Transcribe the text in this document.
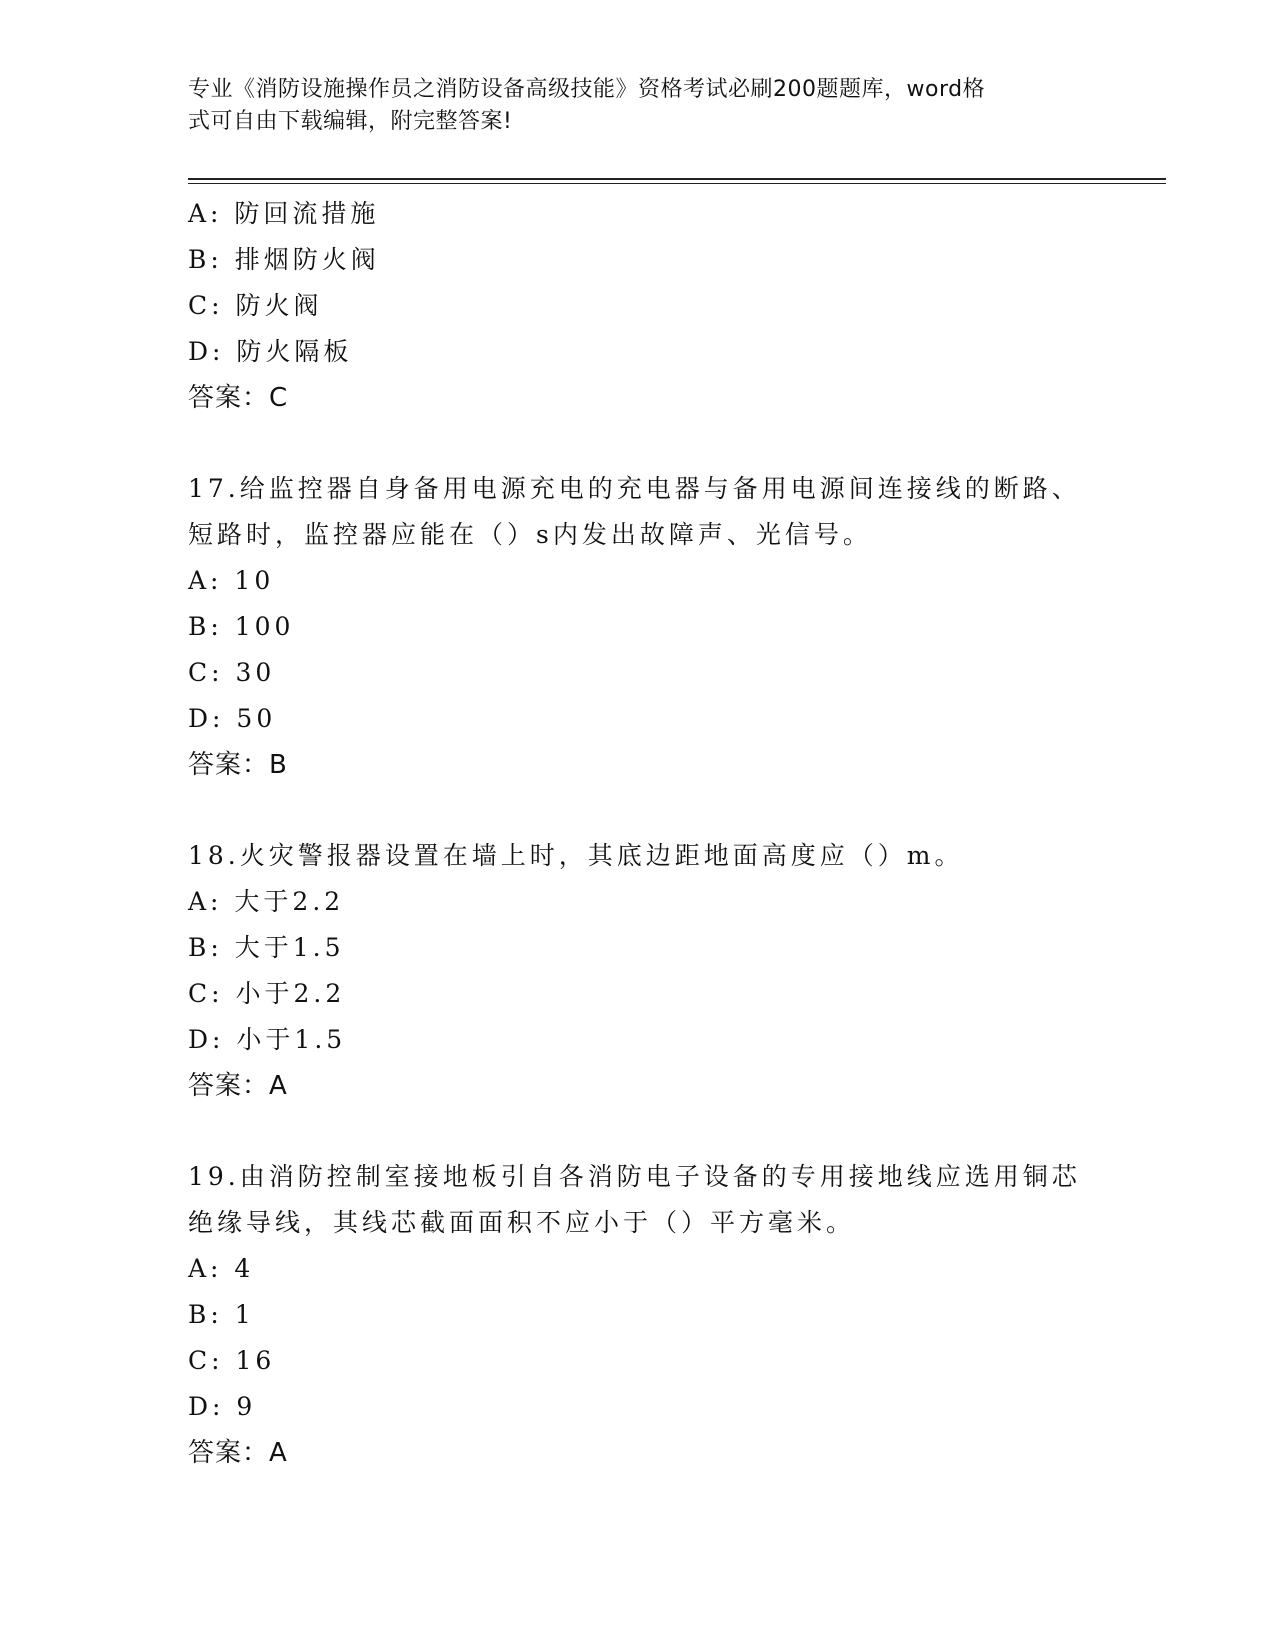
专业《消防设施操作员之消防设备高级技能》资格考试必刷200题题库，word格
式可自由下载编辑，附完整答案!
A: 防回流措施
B: 排烟防火阀
C: 防火阀
D: 防火隔板
答案：C
17.给监控器自身备用电源充电的充电器与备用电源间连接线的断路、
短路时，监控器应能在（）s内发出故障声、光信号。
A: 10
B: 100
C: 30
D: 50
答案：B
18.火灾警报器设置在墙上时，其底边距地面高度应（）m。
A: 大于2.2
B: 大于1.5
C: 小于2.2
D: 小于1.5
答案：A
19.由消防控制室接地板引自各消防电子设备的专用接地线应选用铜芯
绝缘导线，其线芯截面面积不应小于（）平方毫米。
A: 4
B: 1
C: 16
D: 9
答案：A
